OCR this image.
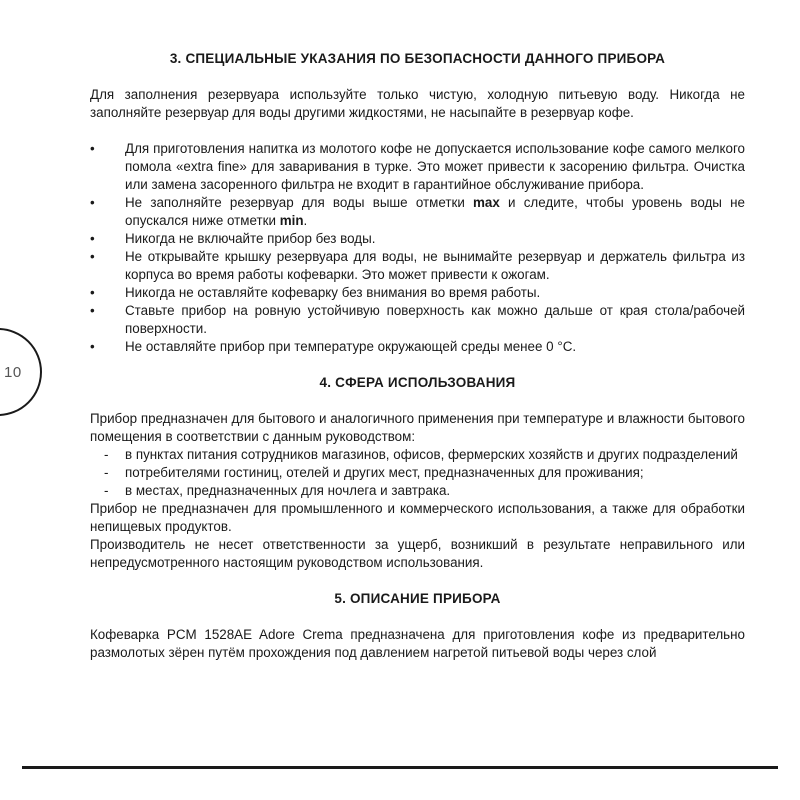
10
3. СПЕЦИАЛЬНЫЕ УКАЗАНИЯ ПО БЕЗОПАСНОСТИ ДАННОГО ПРИБОРА

Для заполнения резервуара используйте только чистую, холодную питьевую воду. Никогда не заполняйте резервуар для воды другими жидкостями, не насыпайте в резервуар кофе.

• Для приготовления напитка из молотого кофе не допускается использование кофе самого мелкого помола «extra fine» для заваривания в турке. Это может привести к засорению фильтра. Очистка или замена засоренного фильтра не входит в гарантийное обслуживание прибора.
• Не заполняйте резервуар для воды выше отметки max и следите, чтобы уровень воды не опускался ниже отметки min.
• Никогда не включайте прибор без воды.
• Не открывайте крышку резервуара для воды, не вынимайте резервуар и держатель фильтра из корпуса во время работы кофеварки. Это может привести к ожогам.
• Никогда не оставляйте кофеварку без внимания во время работы.
• Ставьте прибор на ровную устойчивую поверхность как можно дальше от края стола/рабочей поверхности.
• Не оставляйте прибор при температуре окружающей среды менее 0 °С.
4. СФЕРА ИСПОЛЬЗОВАНИЯ

Прибор предназначен для бытового и аналогичного применения при температуре и влажности бытового помещения в соответствии с данным руководством:

- в пунктах питания сотрудников магазинов, офисов, фермерских хозяйств и других подразделений
- потребителями гостиниц, отелей и других мест, предназначенных для проживания;
- в местах, предназначенных для ночлега и завтрака.

Прибор не предназначен для промышленного и коммерческого использования, а также для обработки непищевых продуктов.

Производитель не несет ответственности за ущерб, возникший в результате неправильного или непредусмотренного настоящим руководством использования.

5. ОПИСАНИЕ ПРИБОРА

Кофеварка PCM 1528AE Adore Crema предназначена для приготовления кофе из предварительно размолотых зёрен путём прохождения под давлением нагретой питьевой воды через слой
